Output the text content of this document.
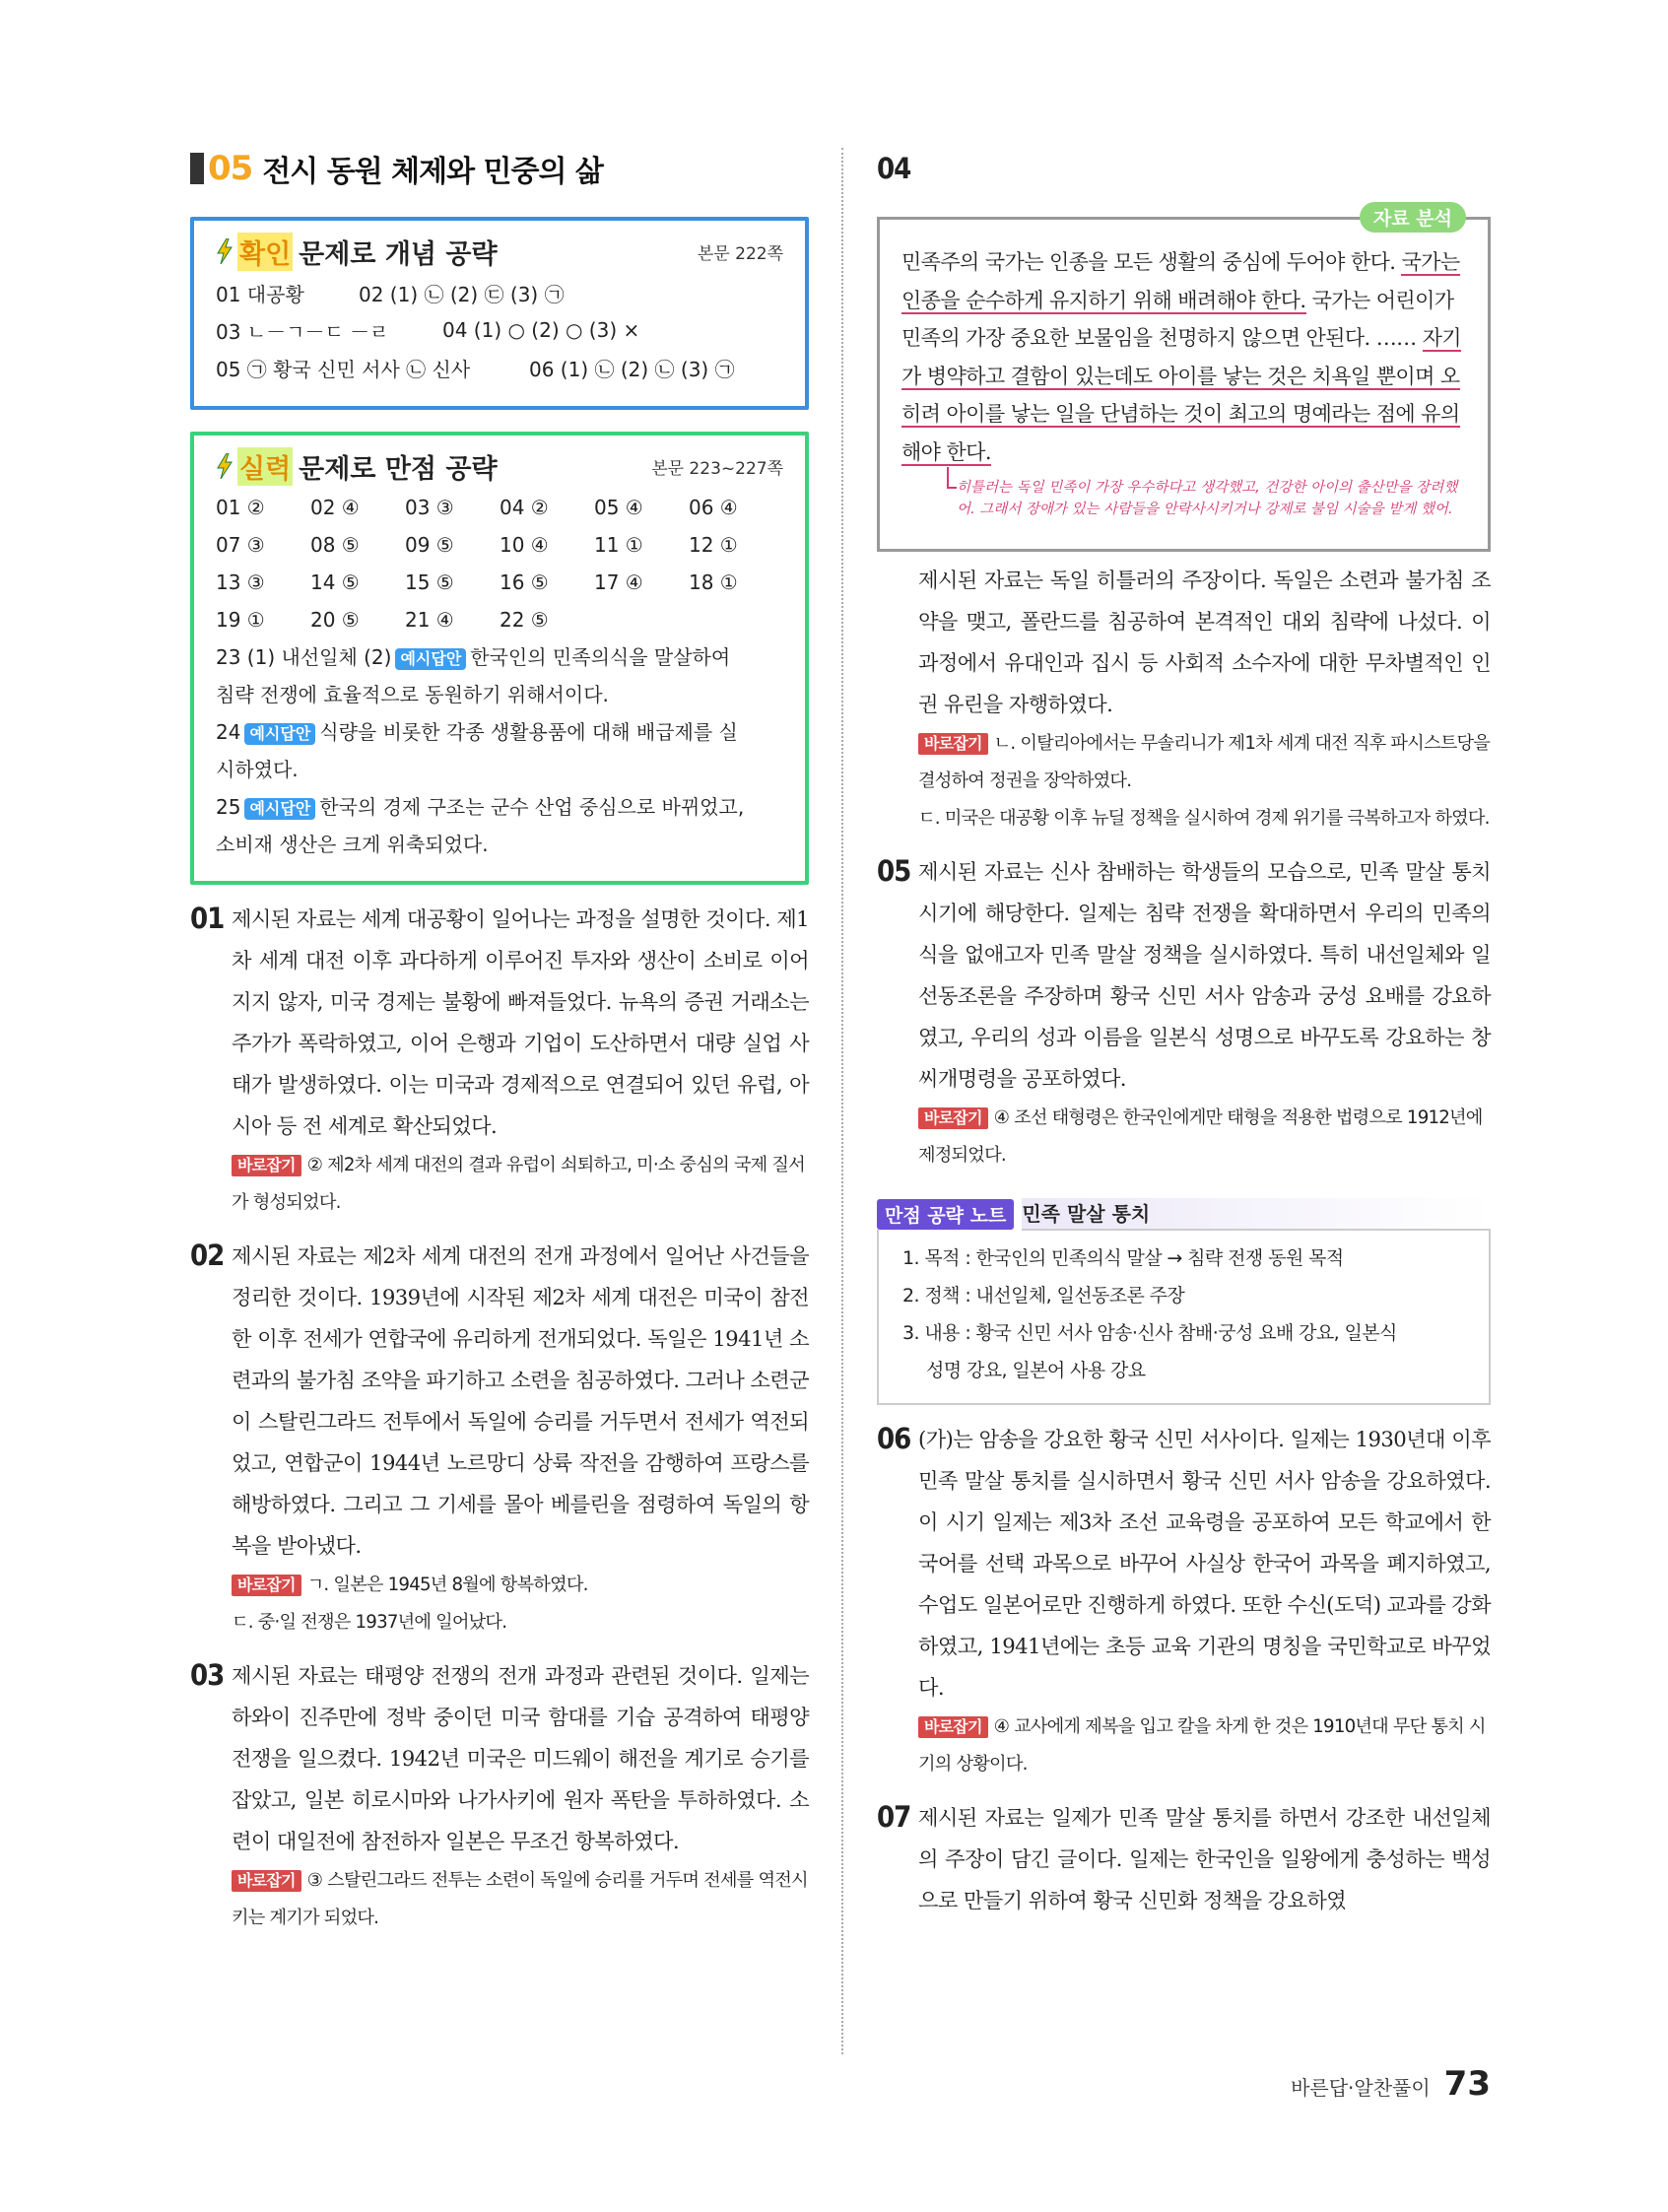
05 전시 동원 체제와 민중의 삶
확인 문제로 개념 공략	본문 222쪽
01 대공황	02 (1) ㉡ (2) ㉢ (3) ㉠
03 ㄴ－ㄱ－ㄷ －ㄹ	04 (1) ○ (2) ○ (3) ×
05 ㉠ 황국 신민 서사 ㉡ 신사	06 (1) ㉡ (2) ㉡ (3) ㉠
실력 문제로 만점 공략	본문 223~227쪽
01 ②	02 ④	03 ③	04 ②	05 ④	06 ④
07 ③	08 ⑤	09 ⑤	10 ④	11 ①	12 ①
13 ③	14 ⑤	15 ⑤	16 ⑤	17 ④	18 ①
19 ①	20 ⑤	21 ④	22 ⑤
23 (1) 내선일체 (2) 예시답안 한국인의 민족의식을 말살하여
침략 전쟁에 효율적으로 동원하기 위해서이다.
24 예시답안 식량을 비롯한 각종 생활용품에 대해 배급제를 실
시하였다.
25 예시답안 한국의 경제 구조는 군수 산업 중심으로 바뀌었고,
소비재 생산은 크게 위축되었다.
01 제시된 자료는 세계 대공황이 일어나는 과정을 설명한 것이다. 제1차 세계 대전 이후 과다하게 이루어진 투자와 생산이 소비로 이어지지 않자, 미국 경제는 불황에 빠져들었다. 뉴욕의 증권 거래소는 주가가 폭락하였고, 이어 은행과 기업이 도산하면서 대량 실업 사태가 발생하였다. 이는 미국과 경제적으로 연결되어 있던 유럽, 아시아 등 전 세계로 확산되었다.
바로잡기 ② 제2차 세계 대전의 결과 유럽이 쇠퇴하고, 미·소 중심의 국제 질서가 형성되었다.
02 제시된 자료는 제2차 세계 대전의 전개 과정에서 일어난 사건들을 정리한 것이다. 1939년에 시작된 제2차 세계 대전은 미국이 참전한 이후 전세가 연합국에 유리하게 전개되었다. 독일은 1941년 소련과의 불가침 조약을 파기하고 소련을 침공하였다. 그러나 소련군이 스탈린그라드 전투에서 독일에 승리를 거두면서 전세가 역전되었고, 연합군이 1944년 노르망디 상륙 작전을 감행하여 프랑스를 해방하였다. 그리고 그 기세를 몰아 베를린을 점령하여 독일의 항복을 받아냈다.
바로잡기 ㄱ. 일본은 1945년 8월에 항복하였다.
ㄷ. 중·일 전쟁은 1937년에 일어났다.
03 제시된 자료는 태평양 전쟁의 전개 과정과 관련된 것이다. 일제는 하와이 진주만에 정박 중이던 미국 함대를 기습 공격하여 태평양 전쟁을 일으켰다. 1942년 미국은 미드웨이 해전을 계기로 승기를 잡았고, 일본 히로시마와 나가사키에 원자 폭탄을 투하하였다. 소련이 대일전에 참전하자 일본은 무조건 항복하였다.
바로잡기 ③ 스탈린그라드 전투는 소련이 독일에 승리를 거두며 전세를 역전시키는 계기가 되었다.
04
자료 분석
민족주의 국가는 인종을 모든 생활의 중심에 두어야 한다. 국가는 인종을 순수하게 유지하기 위해 배려해야 한다. 국가는 어린이가 민족의 가장 중요한 보물임을 천명하지 않으면 안된다. …… 자기가 병약하고 결함이 있는데도 아이를 낳는 것은 치욕일 뿐이며 오히려 아이를 낳는 일을 단념하는 것이 최고의 명예라는 점에 유의해야 한다.
히틀러는 독일 민족이 가장 우수하다고 생각했고, 건강한 아이의 출산만을 장려했어. 그래서 장애가 있는 사람들을 안락사시키거나 강제로 불임 시술을 받게 했어.
제시된 자료는 독일 히틀러의 주장이다. 독일은 소련과 불가침 조약을 맺고, 폴란드를 침공하여 본격적인 대외 침략에 나섰다. 이 과정에서 유대인과 집시 등 사회적 소수자에 대한 무차별적인 인권 유린을 자행하였다.
바로잡기 ㄴ. 이탈리아에서는 무솔리니가 제1차 세계 대전 직후 파시스트당을 결성하여 정권을 장악하였다.
ㄷ. 미국은 대공황 이후 뉴딜 정책을 실시하여 경제 위기를 극복하고자 하였다.
05 제시된 자료는 신사 참배하는 학생들의 모습으로, 민족 말살 통치 시기에 해당한다. 일제는 침략 전쟁을 확대하면서 우리의 민족의식을 없애고자 민족 말살 정책을 실시하였다. 특히 내선일체와 일선동조론을 주장하며 황국 신민 서사 암송과 궁성 요배를 강요하였고, 우리의 성과 이름을 일본식 성명으로 바꾸도록 강요하는 창씨개명령을 공포하였다.
바로잡기 ④ 조선 태형령은 한국인에게만 태형을 적용한 법령으로 1912년에 제정되었다.
만점 공략 노트 민족 말살 통치
1. 목적 : 한국인의 민족의식 말살 → 침략 전쟁 동원 목적
2. 정책 : 내선일체, 일선동조론 주장
3. 내용 : 황국 신민 서사 암송·신사 참배·궁성 요배 강요, 일본식
성명 강요, 일본어 사용 강요
06 (가)는 암송을 강요한 황국 신민 서사이다. 일제는 1930년대 이후 민족 말살 통치를 실시하면서 황국 신민 서사 암송을 강요하였다. 이 시기 일제는 제3차 조선 교육령을 공포하여 모든 학교에서 한국어를 선택 과목으로 바꾸어 사실상 한국어 과목을 폐지하였고, 수업도 일본어로만 진행하게 하였다. 또한 수신(도덕) 교과를 강화하였고, 1941년에는 초등 교육 기관의 명칭을 국민학교로 바꾸었다.
바로잡기 ④ 교사에게 제복을 입고 칼을 차게 한 것은 1910년대 무단 통치 시기의 상황이다.
07 제시된 자료는 일제가 민족 말살 통치를 하면서 강조한 내선일체의 주장이 담긴 글이다. 일제는 한국인을 일왕에게 충성하는 백성으로 만들기 위하여 황국 신민화 정책을 강요하였
바른답·알찬풀이 73
